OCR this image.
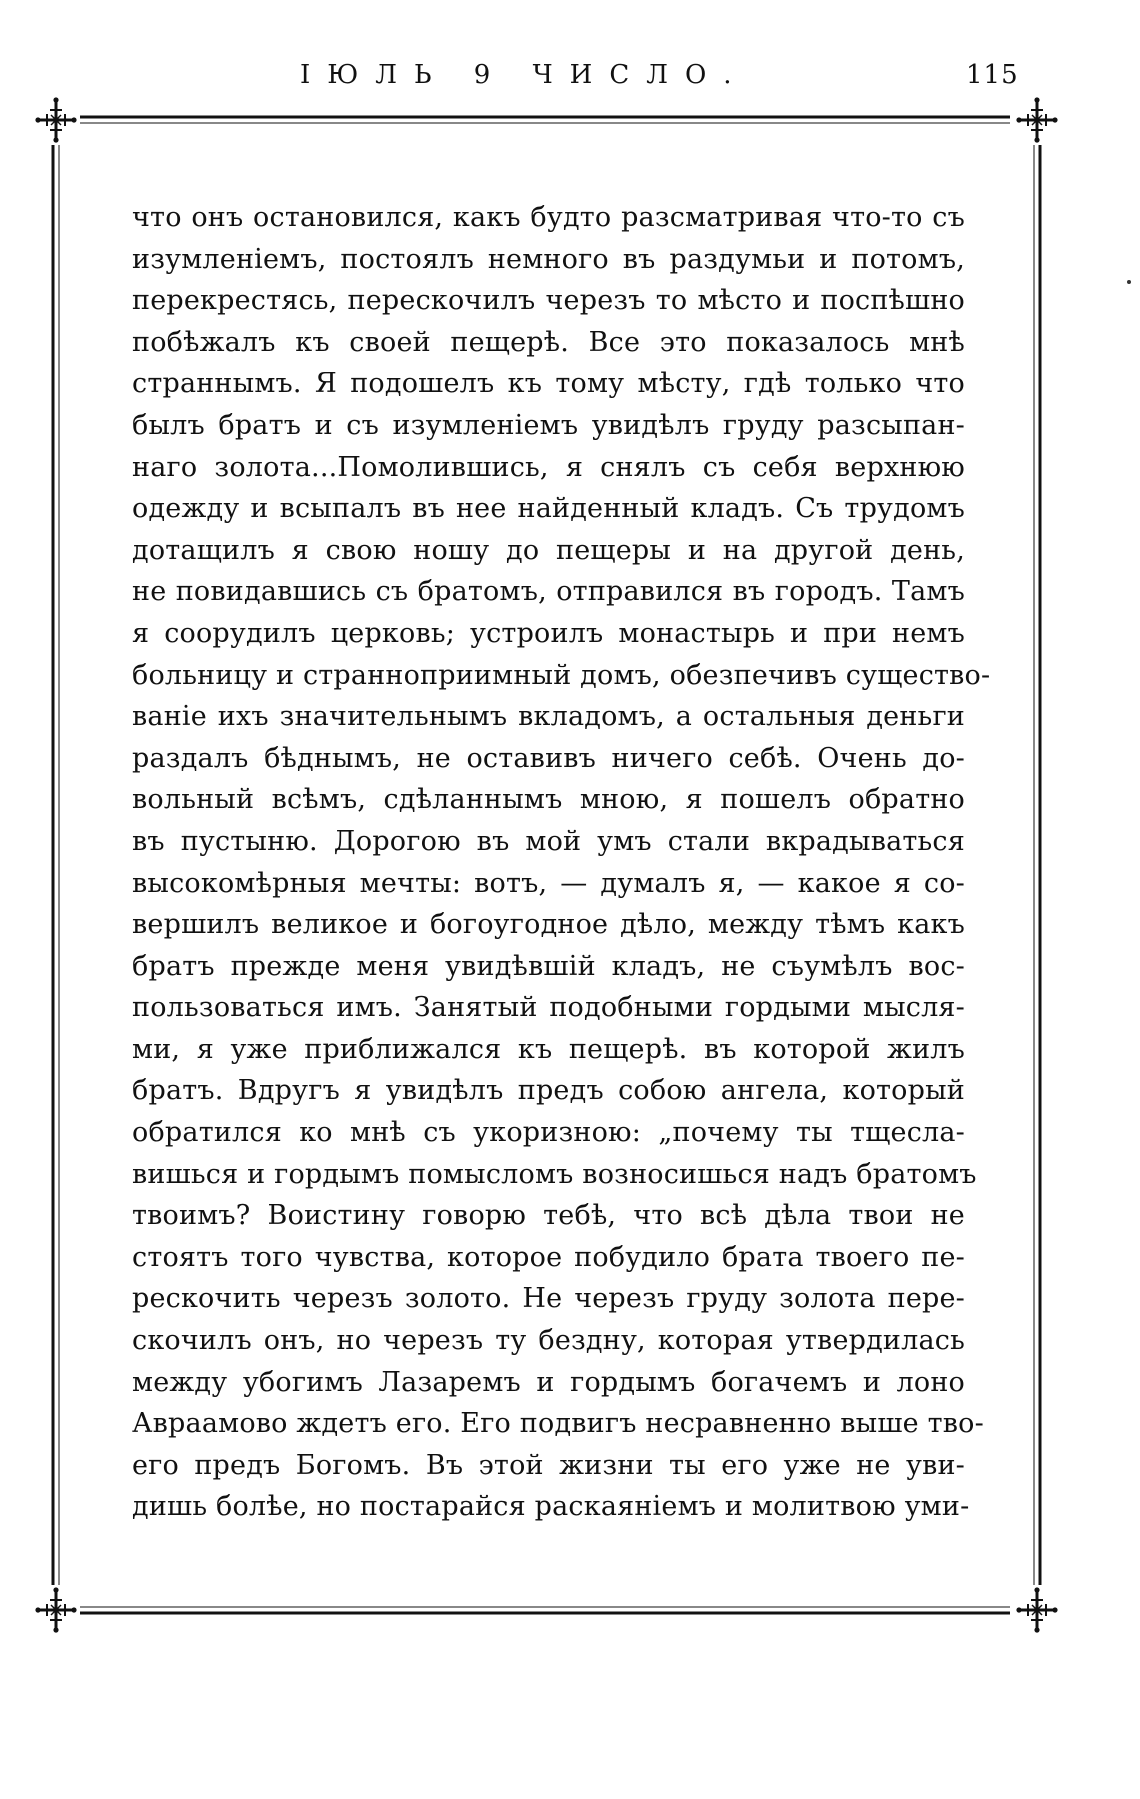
ІЮЛЬ 9 ЧИСЛО.	115
что онъ остановился, какъ будто разсматривая что-то съ
изумленіемъ, постоялъ немного въ раздумьи и потомъ,
перекрестясь, перескочилъ черезъ то мѣсто и поспѣшно
побѣжалъ къ своей пещерѣ. Все это показалось мнѣ
страннымъ. Я подошелъ къ тому мѣсту, гдѣ только что
былъ братъ и съ изумленіемъ увидѣлъ груду разсыпан-
наго золота...Помолившись, я снялъ съ себя верхнюю
одежду и всыпалъ въ нее найденный кладъ. Съ трудомъ
дотащилъ я свою ношу до пещеры и на другой день,
не повидавшись съ братомъ, отправился въ городъ. Тамъ
я соорудилъ церковь; устроилъ монастырь и при немъ
больницу и странноприимный домъ, обезпечивъ существо-
ваніе ихъ значительнымъ вкладомъ, а остальныя деньги
раздалъ бѣднымъ, не оставивъ ничего себѣ. Очень до-
вольный всѣмъ, сдѣланнымъ мною, я пошелъ обратно
въ пустыню. Дорогою въ мой умъ стали вкрадываться
высокомѣрныя мечты: вотъ, — думалъ я, — какое я со-
вершилъ великое и богоугодное дѣло, между тѣмъ какъ
братъ прежде меня увидѣвшій кладъ, не съумѣлъ вос-
пользоваться имъ. Занятый подобными гордыми мысля-
ми, я уже приближался къ пещерѣ. въ которой жилъ
братъ. Вдругъ я увидѣлъ предъ собою ангела, который
обратился ко мнѣ съ укоризною: „почему ты тщесла-
вишься и гордымъ помысломъ возносишься надъ братомъ
твоимъ? Воистину говорю тебѣ, что всѣ дѣла твои не
стоятъ того чувства, которое побудило брата твоего пе-
рескочить черезъ золото. Не черезъ груду золота пере-
скочилъ онъ, но черезъ ту бездну, которая утвердилась
между убогимъ Лазаремъ и гордымъ богачемъ и лоно
Авраамово ждетъ его. Его подвигъ несравненно выше тво-
его предъ Богомъ. Въ этой жизни ты его уже не уви-
дишь болѣе, но постарайся раскаяніемъ и молитвою уми-
